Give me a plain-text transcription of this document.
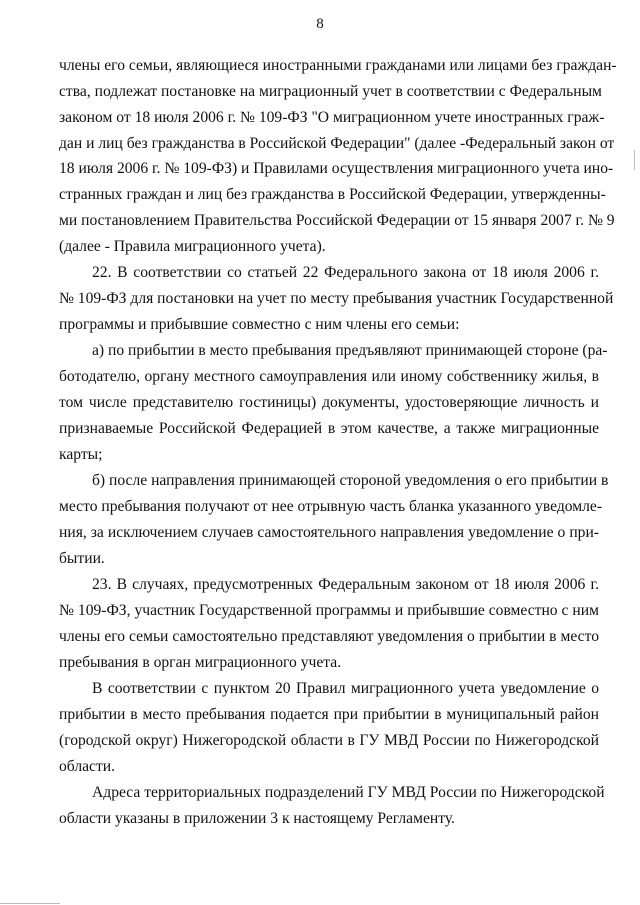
8
члены его семьи, являющиеся иностранными гражданами или лицами без граждан-
ства, подлежат постановке на миграционный учет в соответствии с Федеральным
законом от 18 июля 2006 г. № 109-ФЗ "О миграционном учете иностранных граж-
дан и лиц без гражданства в Российской Федерации" (далее -Федеральный закон от
18 июля 2006 г. № 109-ФЗ) и Правилами осуществления миграционного учета ино-
странных граждан и лиц без гражданства в Российской Федерации, утвержденны-
ми постановлением Правительства Российской Федерации от 15 января 2007 г. № 9
(далее - Правила миграционного учета).
22. В соответствии со статьей 22 Федерального закона от 18 июля 2006 г.
№ 109-ФЗ для постановки на учет по месту пребывания участник Государственной
программы и прибывшие совместно с ним члены его семьи:
а) по прибытии в место пребывания предъявляют принимающей стороне (ра-
ботодателю, органу местного самоуправления или иному собственнику жилья, в
том числе представителю гостиницы) документы, удостоверяющие личность и
признаваемые Российской Федерацией в этом качестве, а также миграционные
карты;
б) после направления принимающей стороной уведомления о его прибытии в
место пребывания получают от нее отрывную часть бланка указанного уведомле-
ния, за исключением случаев самостоятельного направления уведомление о при-
бытии.
23. В случаях, предусмотренных Федеральным законом от 18 июля 2006 г.
№ 109-ФЗ, участник Государственной программы и прибывшие совместно с ним
члены его семьи самостоятельно представляют уведомления о прибытии в место
пребывания в орган миграционного учета.
В соответствии с пунктом 20 Правил миграционного учета уведомление о
прибытии в место пребывания подается при прибытии в муниципальный район
(городской округ) Нижегородской области в ГУ МВД России по Нижегородской
области.
Адреса территориальных подразделений ГУ МВД России по Нижегородской
области указаны в приложении 3 к настоящему Регламенту.
